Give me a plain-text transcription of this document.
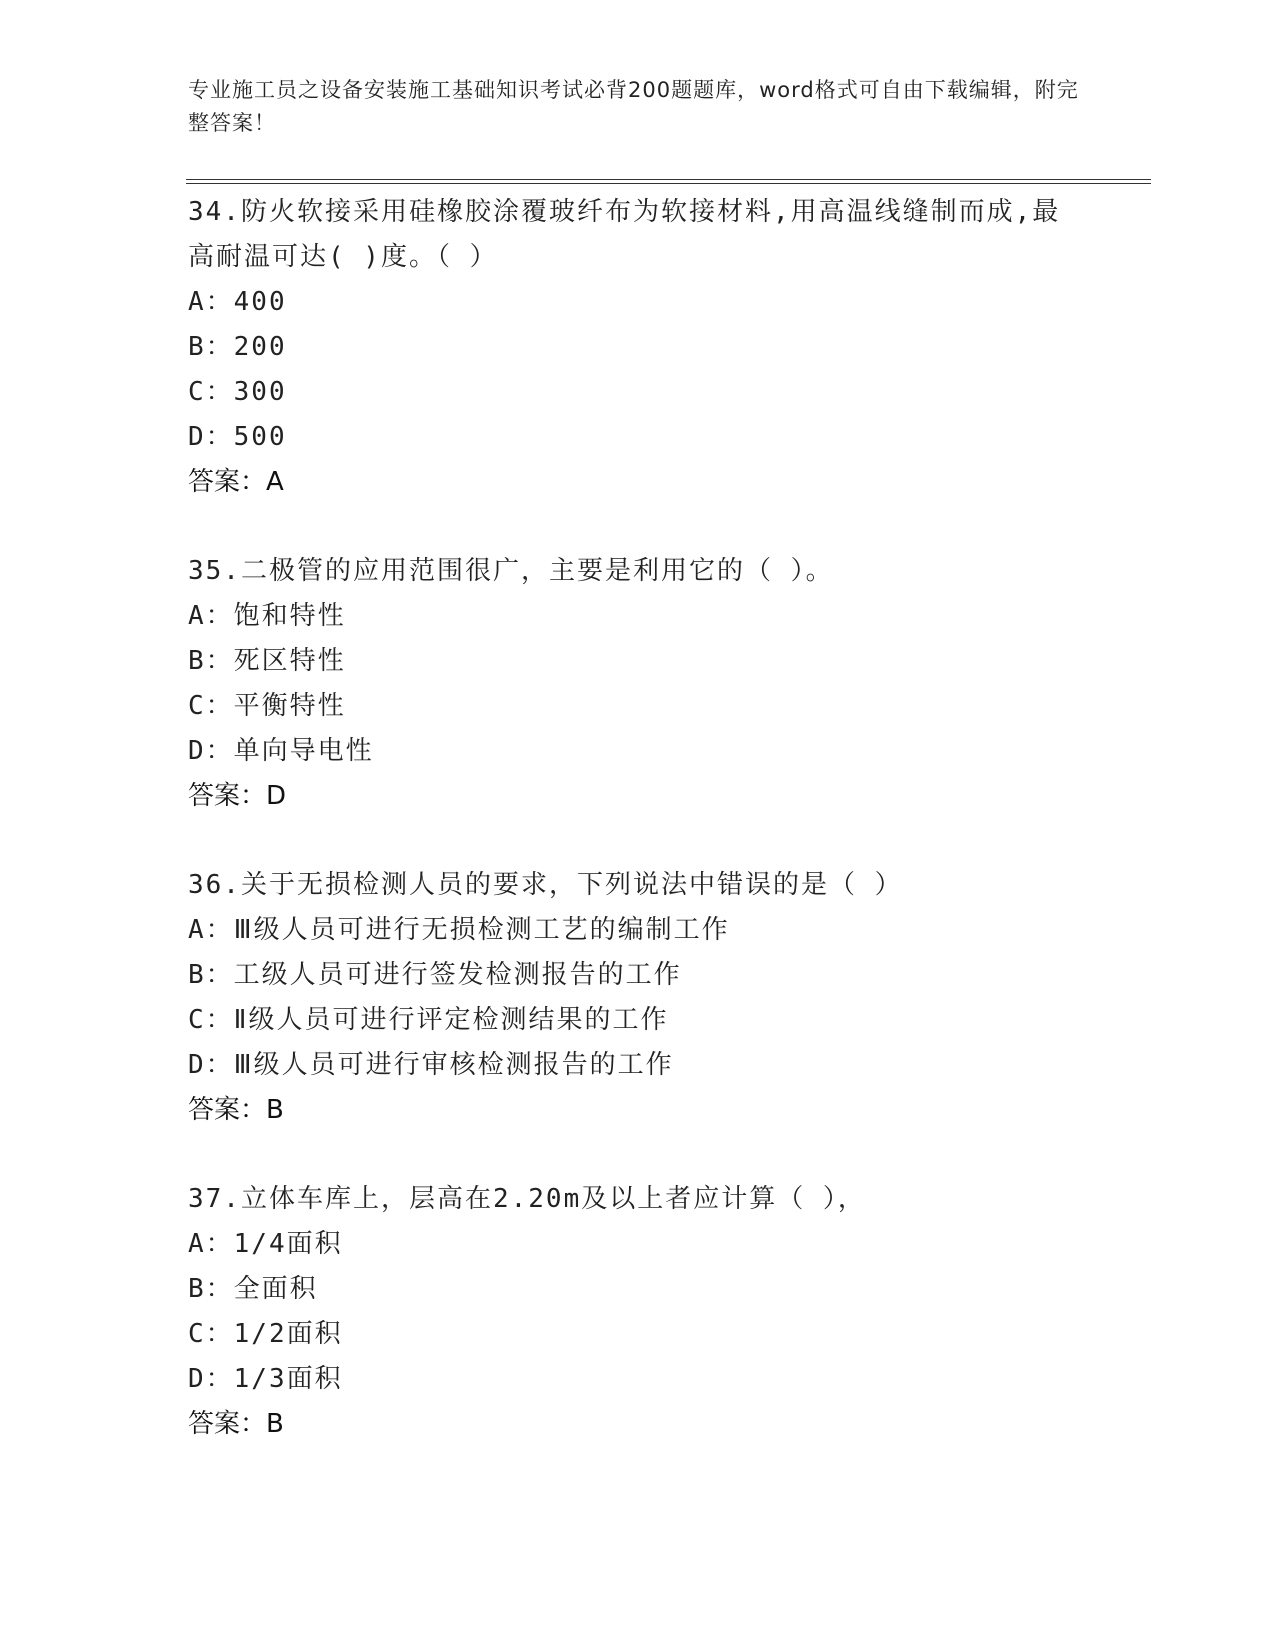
专业施工员之设备安装施工基础知识考试必背200题题库，word格式可自由下载编辑，附完整答案！
34.防火软接采用硅橡胶涂覆玻纤布为软接材料,用高温线缝制而成,最高耐温可达( )度。（ ）
A：400
B：200
C：300
D：500
答案：A
35.二极管的应用范围很广，主要是利用它的（ ）。
A：饱和特性
B：死区特性
C：平衡特性
D：单向导电性
答案：D
36.关于无损检测人员的要求，下列说法中错误的是（ ）
A：Ⅲ级人员可进行无损检测工艺的编制工作
B：工级人员可进行签发检测报告的工作
C：Ⅱ级人员可进行评定检测结果的工作
D：Ⅲ级人员可进行审核检测报告的工作
答案：B
37.立体车库上，层高在2.20m及以上者应计算（ ），
A：1/4面积
B：全面积
C：1/2面积
D：1/3面积
答案：B
